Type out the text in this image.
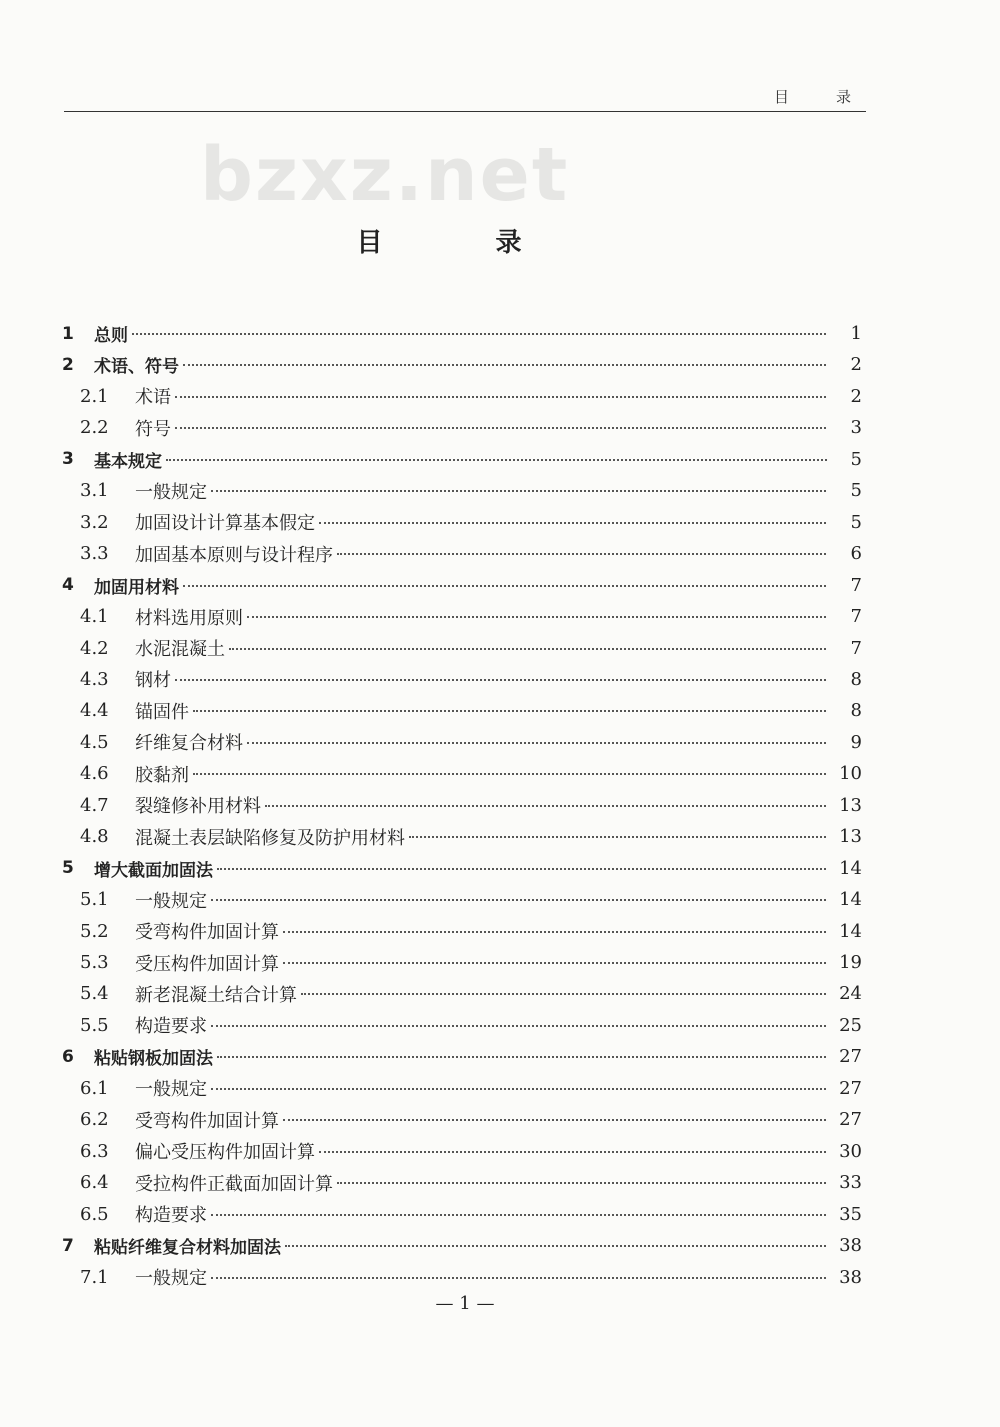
目　录
bzxz.net
目 录
1 总则	1
2 术语、符号	2
2.1 术语	2
2.2 符号	3
3 基本规定	5
3.1 一般规定	5
3.2 加固设计计算基本假定	5
3.3 加固基本原则与设计程序	6
4 加固用材料	7
4.1 材料选用原则	7
4.2 水泥混凝土	7
4.3 钢材	8
4.4 锚固件	8
4.5 纤维复合材料	9
4.6 胶黏剂	10
4.7 裂缝修补用材料	13
4.8 混凝土表层缺陷修复及防护用材料	13
5 增大截面加固法	14
5.1 一般规定	14
5.2 受弯构件加固计算	14
5.3 受压构件加固计算	19
5.4 新老混凝土结合计算	24
5.5 构造要求	25
6 粘贴钢板加固法	27
6.1 一般规定	27
6.2 受弯构件加固计算	27
6.3 偏心受压构件加固计算	30
6.4 受拉构件正截面加固计算	33
6.5 构造要求	35
7 粘贴纤维复合材料加固法	38
7.1 一般规定	38
— 1 —
